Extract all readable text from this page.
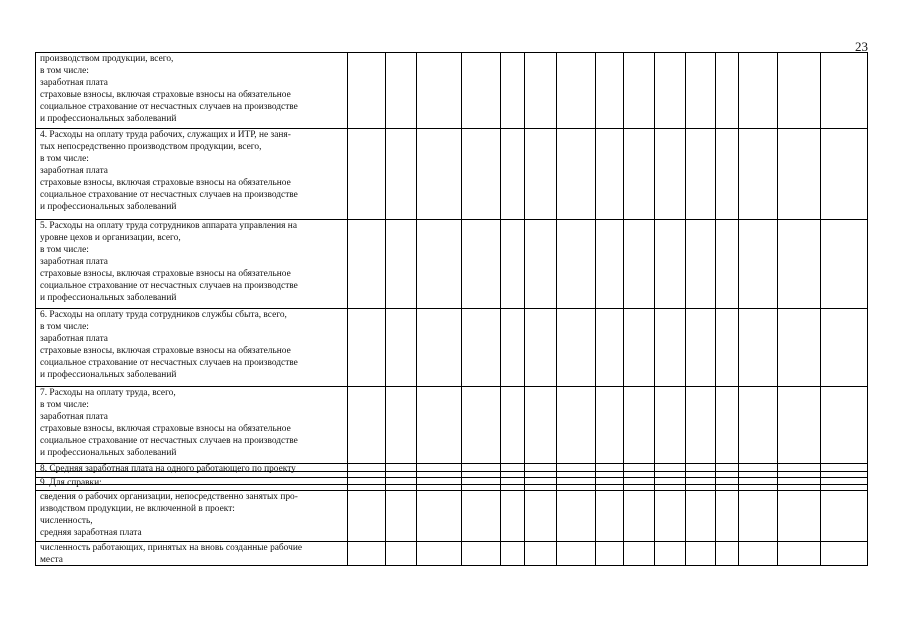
23
производством продукции, всего,
в том числе:
заработная плата
страховые взносы, включая страховые взносы на обязательное
социальное страхование от несчастных случаев на производстве
и профессиональных заболеваний
4. Расходы на оплату труда рабочих, служащих и ИТР, не заня-
тых непосредственно производством продукции, всего,
в том числе:
заработная плата
страховые взносы, включая страховые взносы на обязательное
социальное страхование от несчастных случаев на производстве
и профессиональных заболеваний
5. Расходы на оплату труда сотрудников аппарата управления на
уровне цехов и организации, всего,
в том числе:
заработная плата
страховые взносы, включая страховые взносы на обязательное
социальное страхование от несчастных случаев на производстве
и профессиональных заболеваний
6. Расходы на оплату труда сотрудников службы сбыта, всего,
в том числе:
заработная плата
страховые взносы, включая страховые взносы на обязательное
социальное страхование от несчастных случаев на производстве
и профессиональных заболеваний
7. Расходы на оплату труда, всего,
в том числе:
заработная плата
страховые взносы, включая страховые взносы на обязательное
социальное страхование от несчастных случаев на производстве
и профессиональных заболеваний
8. Средняя заработная плата на одного работающего по проекту
9. Для справки:
сведения о рабочих организации, непосредственно занятых про-
изводством продукции, не включенной в проект:
численность,
средняя заработная плата
численность работающих, принятых на вновь созданные рабочие
места
